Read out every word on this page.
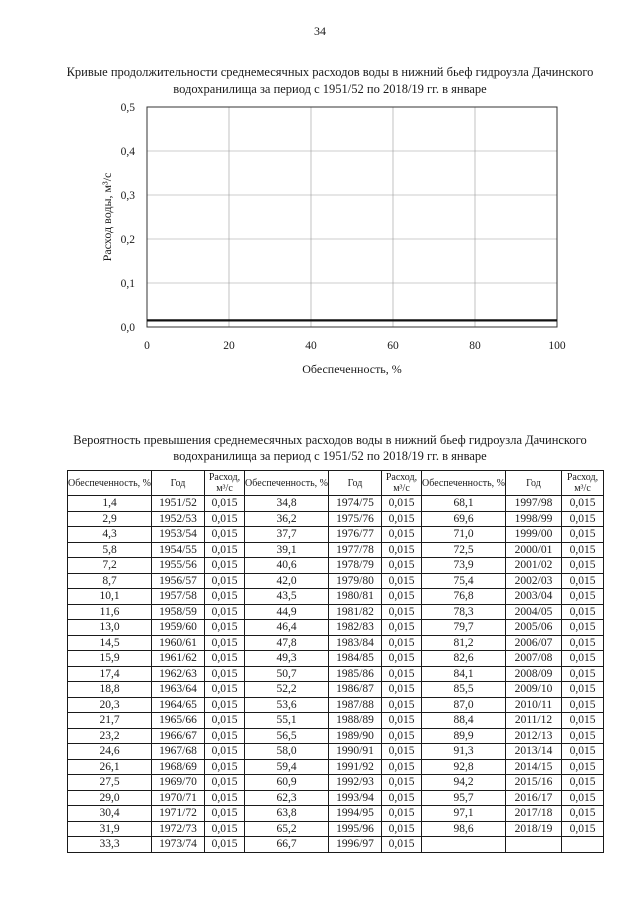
34
Кривые продолжительности среднемесячных расходов воды в нижний бьеф гидроузла Дачинского водохранилища за период с 1951/52 по 2018/19 гг. в январе
0,0
0,1
0,2
0,3
0,4
0,5
0	20	40	60	80	100
Обеспеченность, %
Расход воды, м³/с
Вероятность превышения среднемесячных расходов воды в нижний бьеф гидроузла Дачинского водохранилища за период с 1951/52 по 2018/19 гг. в январе
Обеспеченность, %	Год	Расход, м³/с	Обеспеченность, %	Год	Расход, м³/с	Обеспеченность, %	Год	Расход, м³/с
1,4	1951/52	0,015	34,8	1974/75	0,015	68,1	1997/98	0,015
2,9	1952/53	0,015	36,2	1975/76	0,015	69,6	1998/99	0,015
4,3	1953/54	0,015	37,7	1976/77	0,015	71,0	1999/00	0,015
5,8	1954/55	0,015	39,1	1977/78	0,015	72,5	2000/01	0,015
7,2	1955/56	0,015	40,6	1978/79	0,015	73,9	2001/02	0,015
8,7	1956/57	0,015	42,0	1979/80	0,015	75,4	2002/03	0,015
10,1	1957/58	0,015	43,5	1980/81	0,015	76,8	2003/04	0,015
11,6	1958/59	0,015	44,9	1981/82	0,015	78,3	2004/05	0,015
13,0	1959/60	0,015	46,4	1982/83	0,015	79,7	2005/06	0,015
14,5	1960/61	0,015	47,8	1983/84	0,015	81,2	2006/07	0,015
15,9	1961/62	0,015	49,3	1984/85	0,015	82,6	2007/08	0,015
17,4	1962/63	0,015	50,7	1985/86	0,015	84,1	2008/09	0,015
18,8	1963/64	0,015	52,2	1986/87	0,015	85,5	2009/10	0,015
20,3	1964/65	0,015	53,6	1987/88	0,015	87,0	2010/11	0,015
21,7	1965/66	0,015	55,1	1988/89	0,015	88,4	2011/12	0,015
23,2	1966/67	0,015	56,5	1989/90	0,015	89,9	2012/13	0,015
24,6	1967/68	0,015	58,0	1990/91	0,015	91,3	2013/14	0,015
26,1	1968/69	0,015	59,4	1991/92	0,015	92,8	2014/15	0,015
27,5	1969/70	0,015	60,9	1992/93	0,015	94,2	2015/16	0,015
29,0	1970/71	0,015	62,3	1993/94	0,015	95,7	2016/17	0,015
30,4	1971/72	0,015	63,8	1994/95	0,015	97,1	2017/18	0,015
31,9	1972/73	0,015	65,2	1995/96	0,015	98,6	2018/19	0,015
33,3	1973/74	0,015	66,7	1996/97	0,015			
